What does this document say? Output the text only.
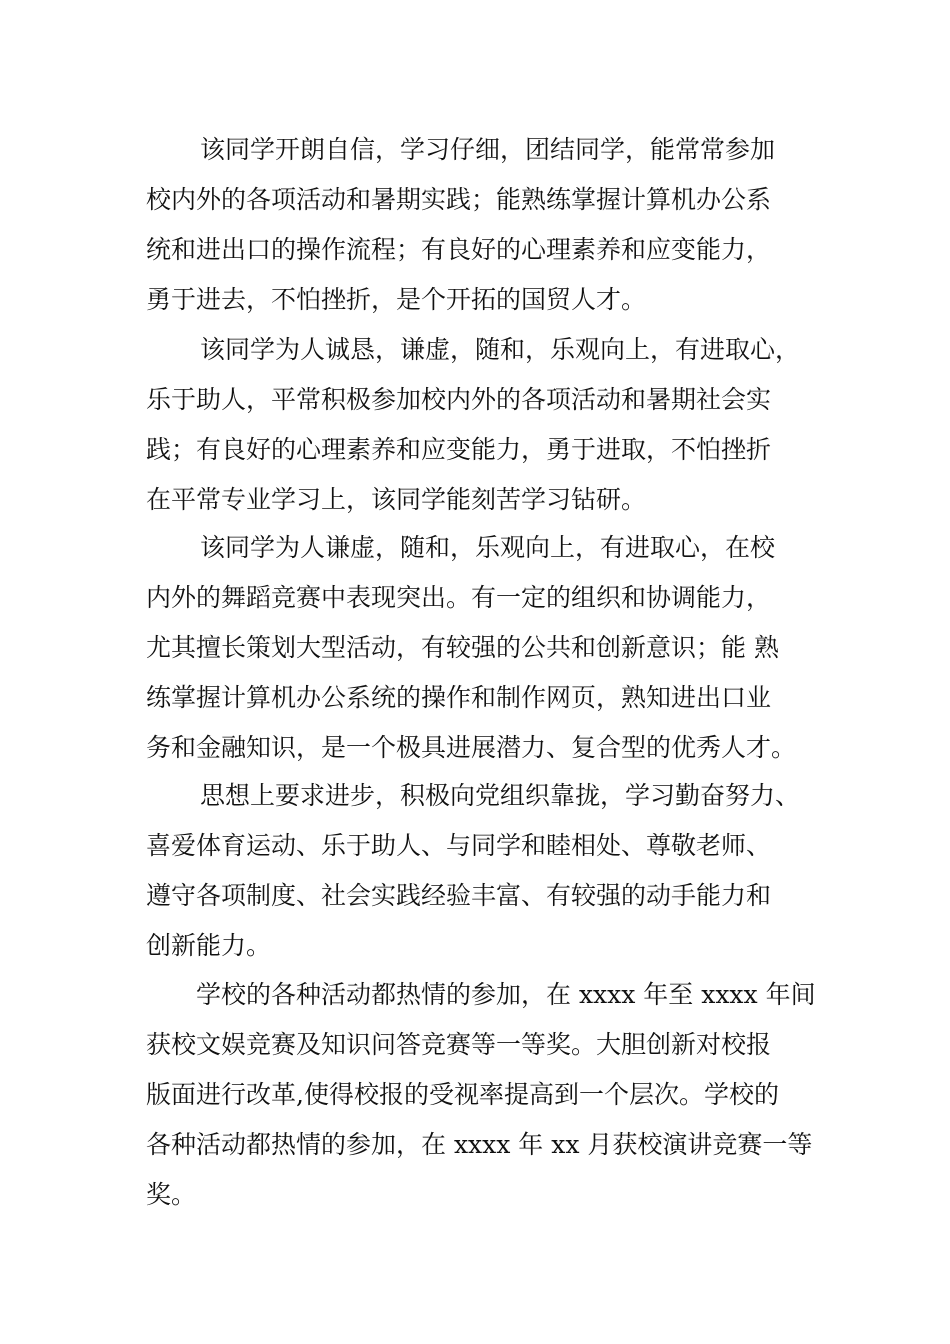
该同学开朗自信，学习仔细，团结同学，能常常参加
校内外的各项活动和暑期实践；能熟练掌握计算机办公系
统和进出口的操作流程；有良好的心理素养和应变能力，
勇于进去，不怕挫折，是个开拓的国贸人才。
该同学为人诚恳，谦虚，随和，乐观向上，有进取心，
乐于助人，平常积极参加校内外的各项活动和暑期社会实
践；有良好的心理素养和应变能力，勇于进取，不怕挫折
在平常专业学习上，该同学能刻苦学习钻研。
该同学为人谦虚，随和，乐观向上，有进取心，在校
内外的舞蹈竞赛中表现突出。有一定的组织和协调能力，
尤其擅长策划大型活动，有较强的公共和创新意识；能 熟
练掌握计算机办公系统的操作和制作网页，熟知进出口业
务和金融知识，是一个极具进展潜力、复合型的优秀人才。
思想上要求进步，积极向党组织靠拢，学习勤奋努力、
喜爱体育运动、乐于助人、与同学和睦相处、尊敬老师、
遵守各项制度、社会实践经验丰富、有较强的动手能力和
创新能力。
学校的各种活动都热情的参加，在 xxxx 年至 xxxx 年间
获校文娱竞赛及知识问答竞赛等一等奖。大胆创新对校报
版面进行改革,使得校报的受视率提高到一个层次。学校的
各种活动都热情的参加，在 xxxx 年 xx 月获校演讲竞赛一等
奖。
